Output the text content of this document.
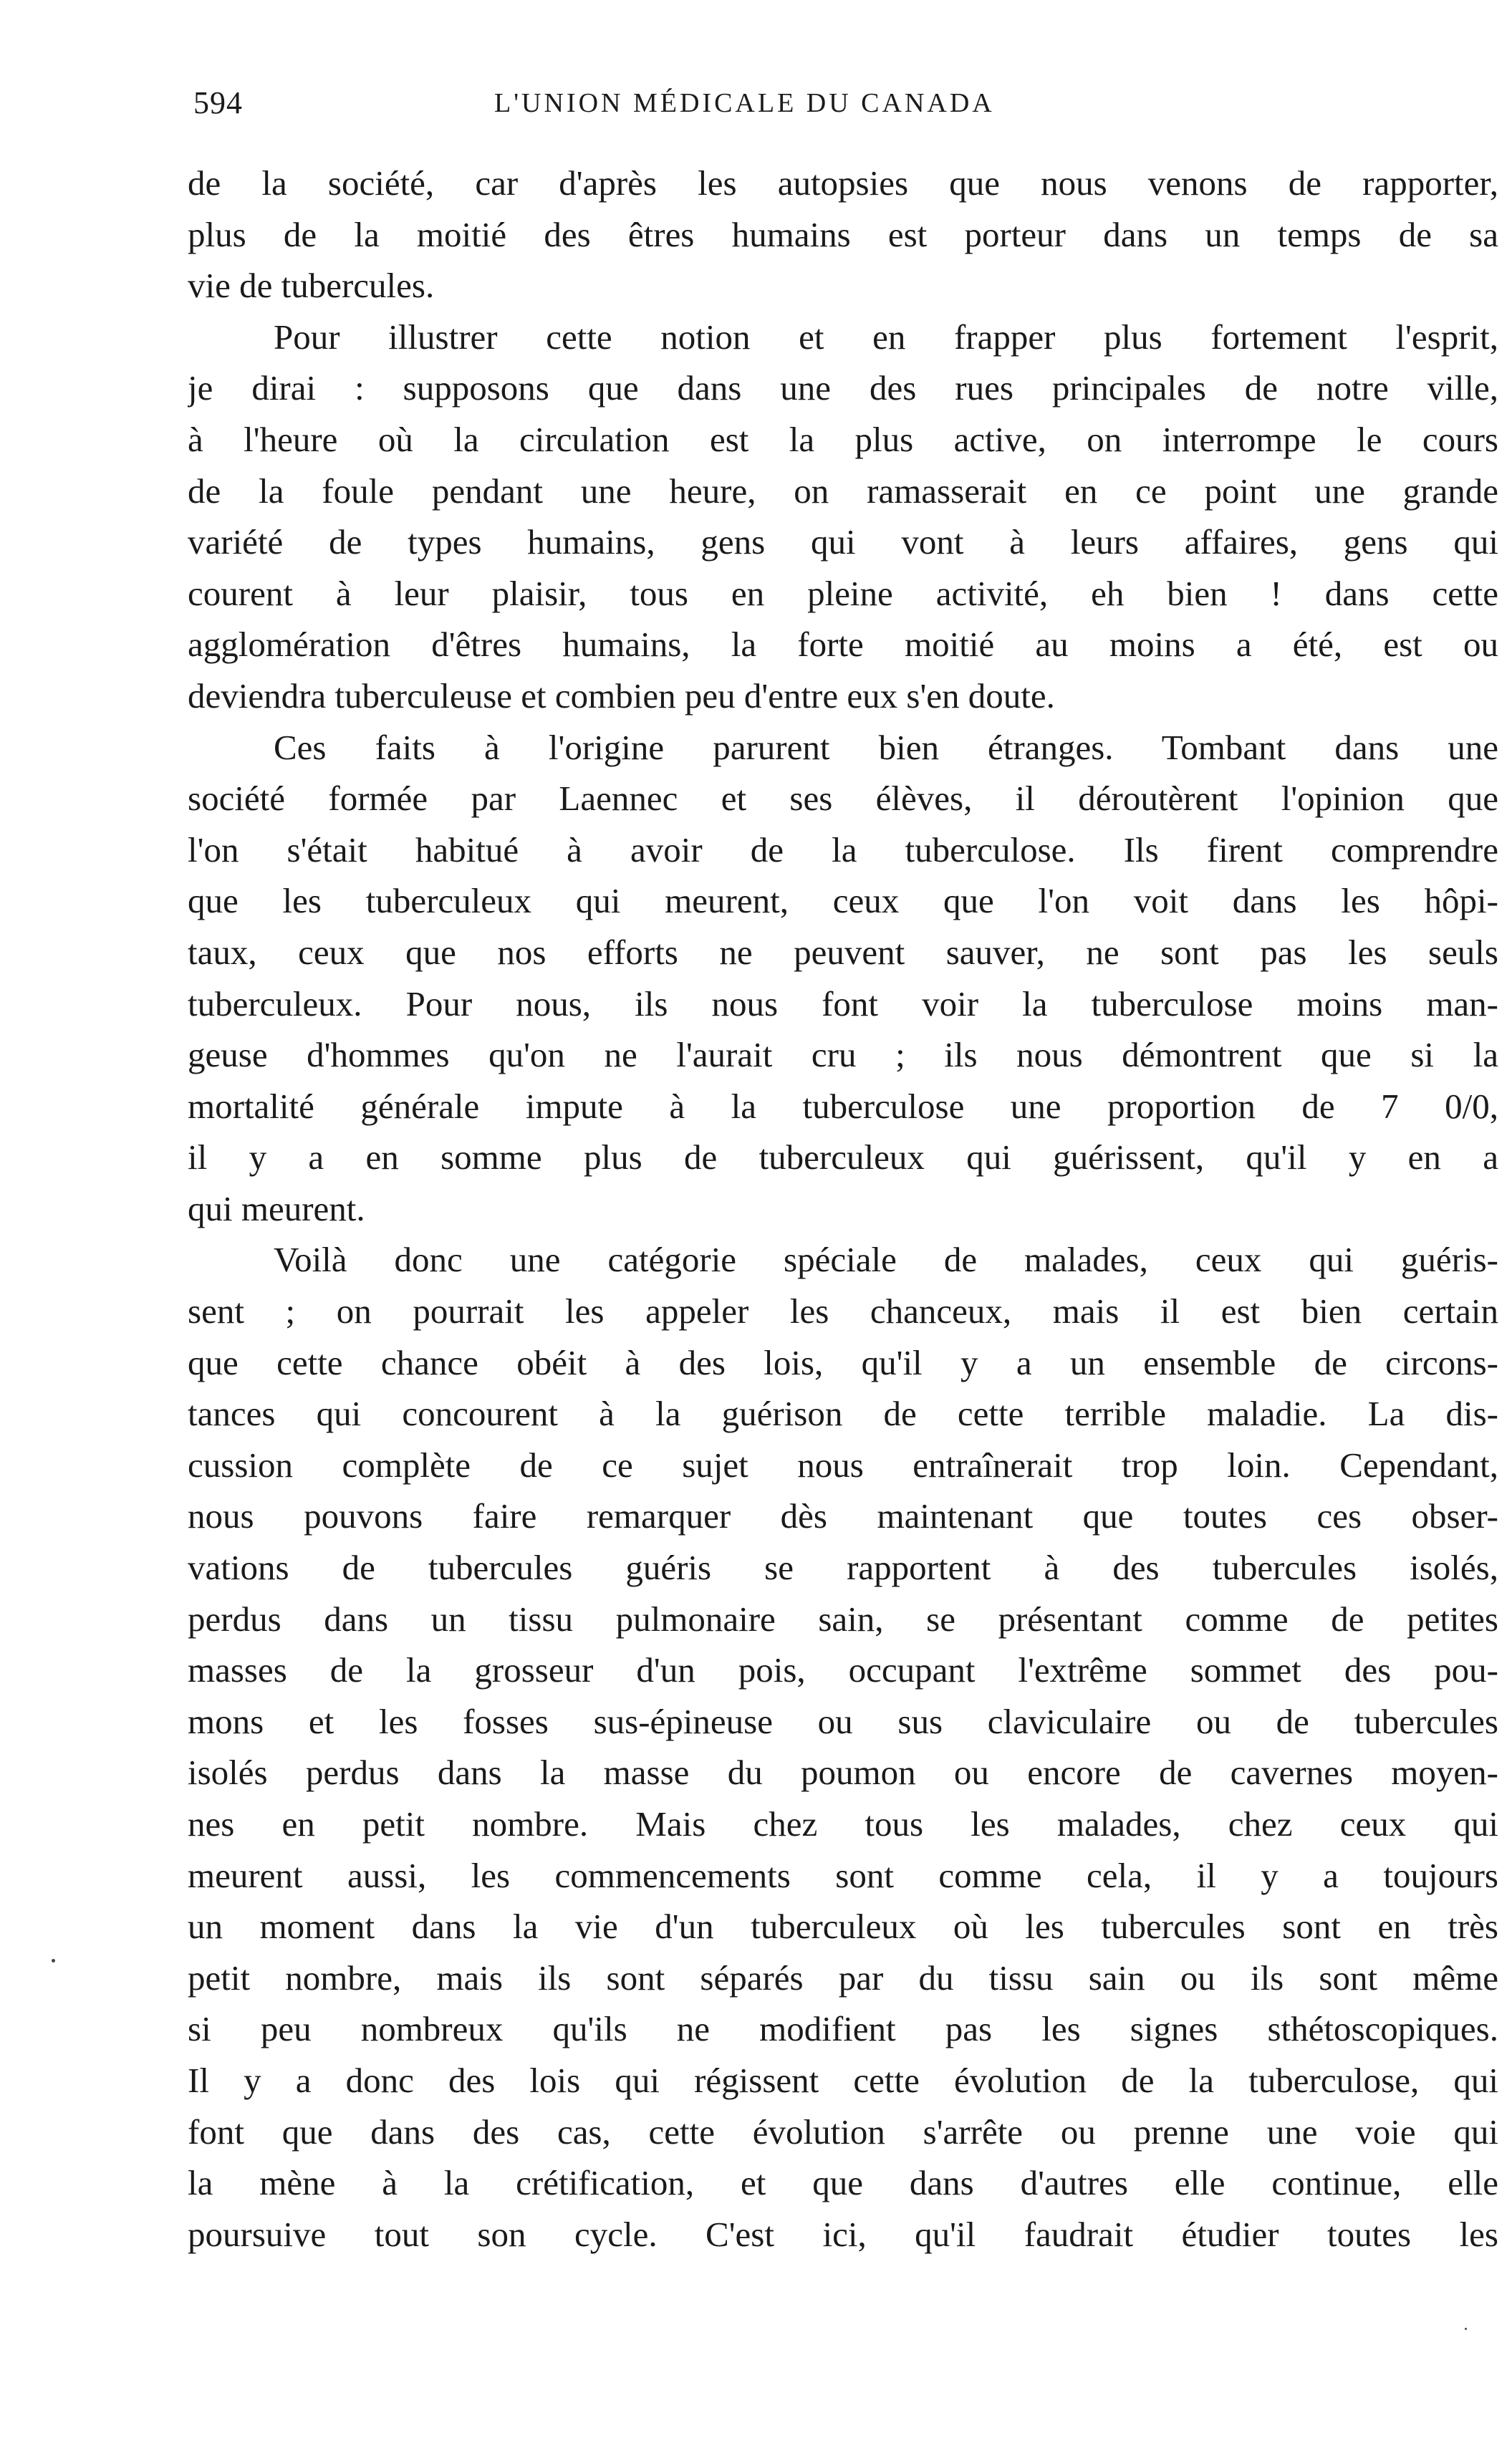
594	L'UNION MÉDICALE DU CANADA
de la société, car d'après les autopsies que nous venons de rapporter,
plus de la moitié des êtres humains est porteur dans un temps de sa
vie de tubercules.
Pour illustrer cette notion et en frapper plus fortement l'esprit,
je dirai : supposons que dans une des rues principales de notre ville,
à l'heure où la circulation est la plus active, on interrompe le cours
de la foule pendant une heure, on ramasserait en ce point une grande
variété de types humains, gens qui vont à leurs affaires, gens qui
courent à leur plaisir, tous en pleine activité, eh bien ! dans cette
agglomération d'êtres humains, la forte moitié au moins a été, est ou
deviendra tuberculeuse et combien peu d'entre eux s'en doute.
Ces faits à l'origine parurent bien étranges. Tombant dans une
société formée par Laennec et ses élèves, il déroutèrent l'opinion que
l'on s'était habitué à avoir de la tuberculose. Ils firent comprendre
que les tuberculeux qui meurent, ceux que l'on voit dans les hôpi-
taux, ceux que nos efforts ne peuvent sauver, ne sont pas les seuls
tuberculeux. Pour nous, ils nous font voir la tuberculose moins man-
geuse d'hommes qu'on ne l'aurait cru ; ils nous démontrent que si la
mortalité générale impute à la tuberculose une proportion de 7 0/0,
il y a en somme plus de tuberculeux qui guérissent, qu'il y en a
qui meurent.
Voilà donc une catégorie spéciale de malades, ceux qui guéris-
sent ; on pourrait les appeler les chanceux, mais il est bien certain
que cette chance obéit à des lois, qu'il y a un ensemble de circons-
tances qui concourent à la guérison de cette terrible maladie. La dis-
cussion complète de ce sujet nous entraînerait trop loin. Cependant,
nous pouvons faire remarquer dès maintenant que toutes ces obser-
vations de tubercules guéris se rapportent à des tubercules isolés,
perdus dans un tissu pulmonaire sain, se présentant comme de petites
masses de la grosseur d'un pois, occupant l'extrême sommet des pou-
mons et les fosses sus-épineuse ou sus claviculaire ou de tubercules
isolés perdus dans la masse du poumon ou encore de cavernes moyen-
nes en petit nombre. Mais chez tous les malades, chez ceux qui
meurent aussi, les commencements sont comme cela, il y a toujours
un moment dans la vie d'un tuberculeux où les tubercules sont en très
petit nombre, mais ils sont séparés par du tissu sain ou ils sont même
si peu nombreux qu'ils ne modifient pas les signes sthétoscopiques.
Il y a donc des lois qui régissent cette évolution de la tuberculose, qui
font que dans des cas, cette évolution s'arrête ou prenne une voie qui
la mène à la crétification, et que dans d'autres elle continue, elle
poursuive tout son cycle. C'est ici, qu'il faudrait étudier toutes les
